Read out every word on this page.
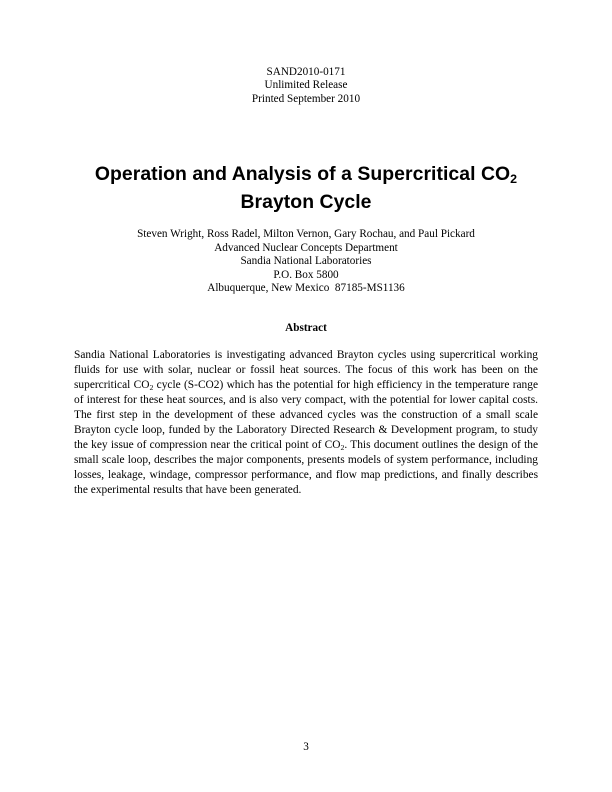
SAND2010-0171
Unlimited Release
Printed September 2010
Operation and Analysis of a Supercritical $CO_2$
Brayton Cycle
Steven Wright, Ross Radel, Milton Vernon, Gary Rochau, and Paul Pickard
Advanced Nuclear Concepts Department
Sandia National Laboratories
P.O. Box 5800
Albuquerque, New Mexico  87185-MS1136
Abstract

Sandia National Laboratories is investigating advanced Brayton cycles using supercritical working fluids for use with solar, nuclear or fossil heat sources. The focus of this work has been on the supercritical $CO_2$ cycle (S-CO2) which has the potential for high efficiency in the temperature range of interest for these heat sources, and is also very compact, with the potential for lower capital costs. The first step in the development of these advanced cycles was the construction of a small scale Brayton cycle loop, funded by the Laboratory Directed Research & Development program, to study the key issue of compression near the critical point of $CO_2$. This document outlines the design of the small scale loop, describes the major components, presents models of system performance, including losses, leakage, windage, compressor performance, and flow map predictions, and finally describes the experimental results that have been generated.

3
